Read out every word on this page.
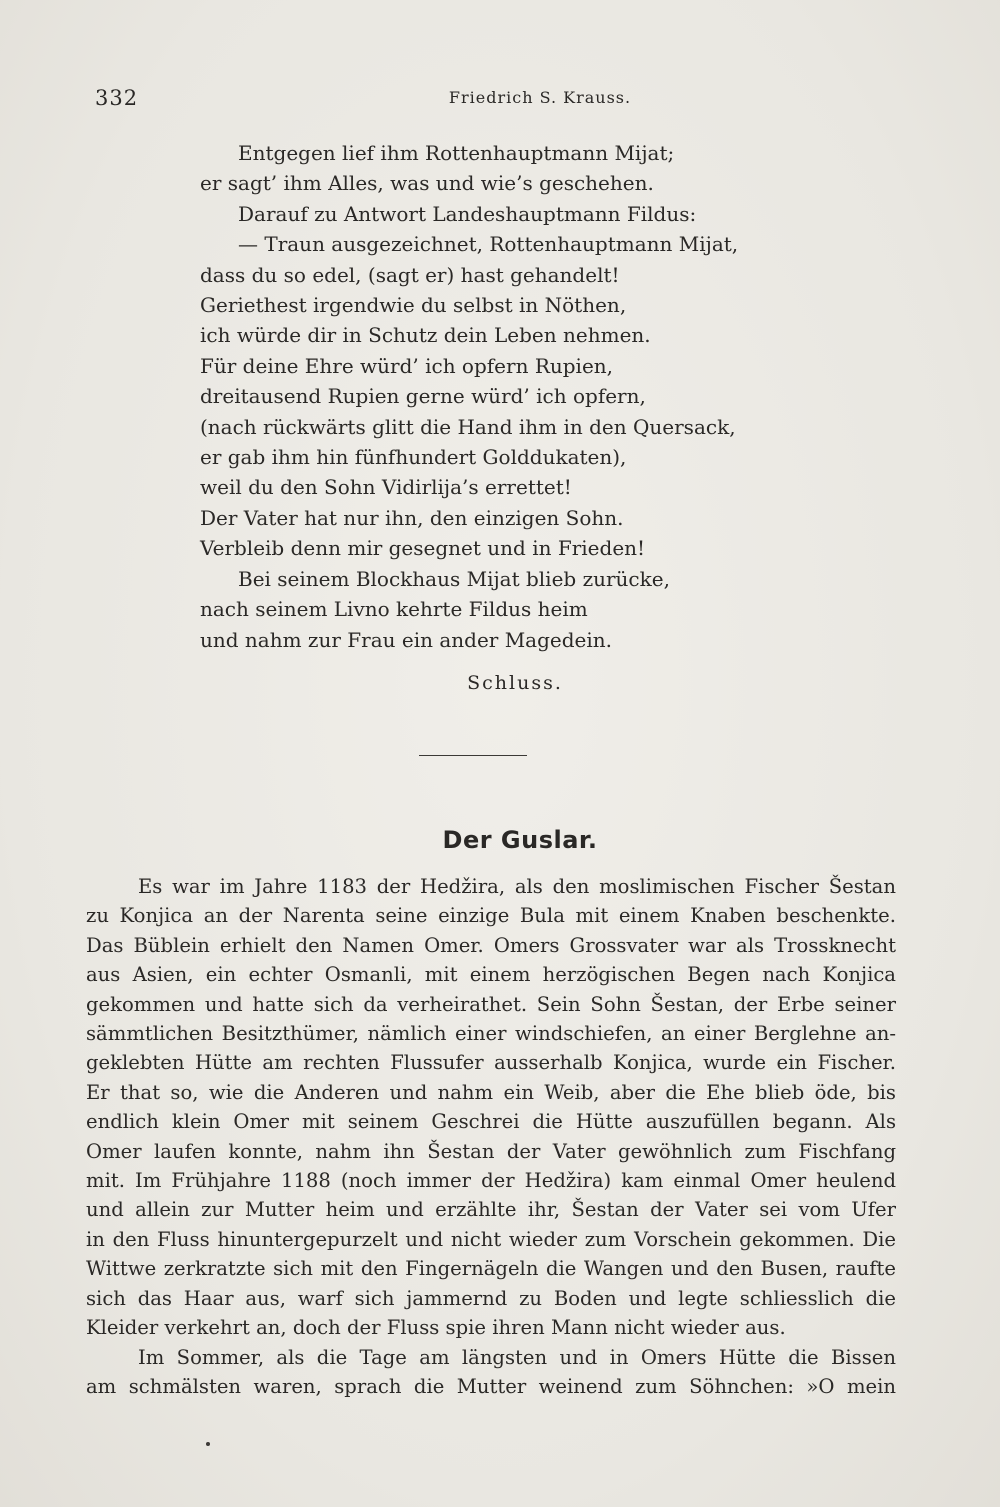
332	Friedrich S. Krauss.
Entgegen lief ihm Rottenhauptmann Mijat;
er sagt’ ihm Alles, was und wie’s geschehen.
Darauf zu Antwort Landeshauptmann Fildus:
— Traun ausgezeichnet, Rottenhauptmann Mijat,
dass du so edel, (sagt er) hast gehandelt!
Geriethest irgendwie du selbst in Nöthen,
ich würde dir in Schutz dein Leben nehmen.
Für deine Ehre würd’ ich opfern Rupien,
dreitausend Rupien gerne würd’ ich opfern,
(nach rückwärts glitt die Hand ihm in den Quersack,
er gab ihm hin fünfhundert Golddukaten),
weil du den Sohn Vidirlija’s errettet!
Der Vater hat nur ihn, den einzigen Sohn.
Verbleib denn mir gesegnet und in Frieden!
Bei seinem Blockhaus Mijat blieb zurücke,
nach seinem Livno kehrte Fildus heim
und nahm zur Frau ein ander Magedein.
Schluss.
Der Guslar.
Es war im Jahre 1183 der Hedžira, als den moslimischen Fischer Šestan
zu Konjica an der Narenta seine einzige Bula mit einem Knaben beschenkte.
Das Büblein erhielt den Namen Omer. Omers Grossvater war als Trossknecht
aus Asien, ein echter Osmanli, mit einem herzögischen Begen nach Konjica
gekommen und hatte sich da verheirathet. Sein Sohn Šestan, der Erbe seiner
sämmtlichen Besitzthümer, nämlich einer windschiefen, an einer Berglehne an-
geklebten Hütte am rechten Flussufer ausserhalb Konjica, wurde ein Fischer.
Er that so, wie die Anderen und nahm ein Weib, aber die Ehe blieb öde, bis
endlich klein Omer mit seinem Geschrei die Hütte auszufüllen begann. Als
Omer laufen konnte, nahm ihn Šestan der Vater gewöhnlich zum Fischfang
mit. Im Frühjahre 1188 (noch immer der Hedžira) kam einmal Omer heulend
und allein zur Mutter heim und erzählte ihr, Šestan der Vater sei vom Ufer
in den Fluss hinuntergepurzelt und nicht wieder zum Vorschein gekommen. Die
Wittwe zerkratzte sich mit den Fingernägeln die Wangen und den Busen, raufte
sich das Haar aus, warf sich jammernd zu Boden und legte schliesslich die
Kleider verkehrt an, doch der Fluss spie ihren Mann nicht wieder aus.
Im Sommer, als die Tage am längsten und in Omers Hütte die Bissen
am schmälsten waren, sprach die Mutter weinend zum Söhnchen: »O mein
